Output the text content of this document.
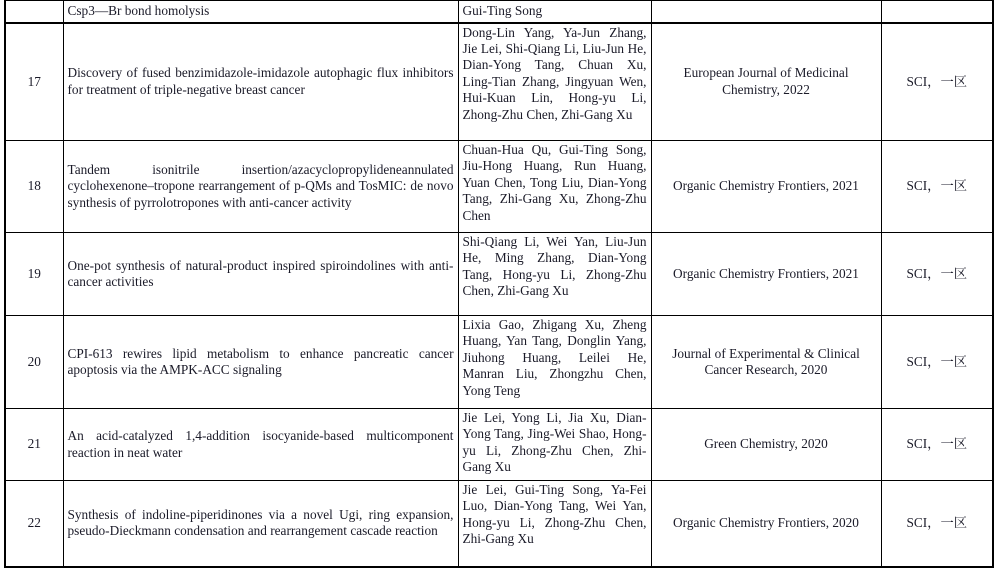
	Csp3—Br bond homolysis	Gui-Ting Song		
17	Discovery of fused benzimidazole-imidazole autophagic flux inhibitors for treatment of triple-negative breast cancer	Dong-Lin Yang, Ya-Jun Zhang, Jie Lei, Shi-Qiang Li, Liu-Jun He, Dian-Yong Tang, Chuan Xu, Ling-Tian Zhang, Jingyuan Wen, Hui-Kuan Lin, Hong-yu Li, Zhong-Zhu Chen, Zhi-Gang Xu	European Journal of Medicinal Chemistry, 2022	SCI，一区
18	Tandem isonitrile insertion/azacyclopropylideneannulated cyclohexenone–tropone rearrangement of p-QMs and TosMIC: de novo synthesis of pyrrolotropones with anti-cancer activity	Chuan-Hua Qu, Gui-Ting Song, Jiu-Hong Huang, Run Huang, Yuan Chen, Tong Liu, Dian-Yong Tang, Zhi-Gang Xu, Zhong-Zhu Chen	Organic Chemistry Frontiers, 2021	SCI，一区
19	One-pot synthesis of natural-product inspired spiroindolines with anti-cancer activities	Shi-Qiang Li, Wei Yan, Liu-Jun He, Ming Zhang, Dian-Yong Tang, Hong-yu Li, Zhong-Zhu Chen, Zhi-Gang Xu	Organic Chemistry Frontiers, 2021	SCI，一区
20	CPI-613 rewires lipid metabolism to enhance pancreatic cancer apoptosis via the AMPK-ACC signaling	Lixia Gao, Zhigang Xu, Zheng Huang, Yan Tang, Donglin Yang, Jiuhong Huang, Leilei He, Manran Liu, Zhongzhu Chen, Yong Teng	Journal of Experimental & Clinical Cancer Research, 2020	SCI，一区
21	An acid-catalyzed 1,4-addition isocyanide-based multicomponent reaction in neat water	Jie Lei, Yong Li, Jia Xu, Dian-Yong Tang, Jing-Wei Shao, Hong-yu Li, Zhong-Zhu Chen, Zhi-Gang Xu	Green Chemistry, 2020	SCI，一区
22	Synthesis of indoline-piperidinones via a novel Ugi, ring expansion, pseudo-Dieckmann condensation and rearrangement cascade reaction	Jie Lei, Gui-Ting Song, Ya-Fei Luo, Dian-Yong Tang, Wei Yan, Hong-yu Li, Zhong-Zhu Chen, Zhi-Gang Xu	Organic Chemistry Frontiers, 2020	SCI，一区
